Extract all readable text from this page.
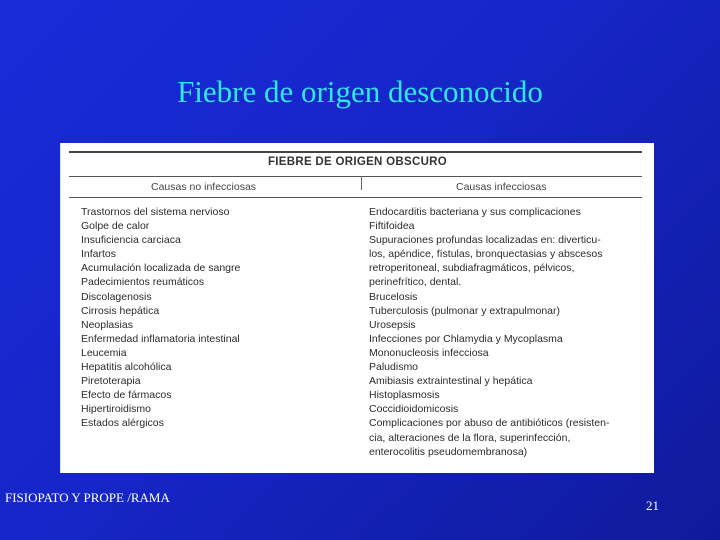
Fiebre de origen desconocido
FIEBRE DE ORIGEN OBSCURO
Causas no infecciosas	Causas infecciosas
Trastornos del sistema nervioso
Golpe de calor
Insuficiencia carciaca
Infartos
Acumulación localizada de sangre
Padecimientos reumáticos
Discolagenosis
Cirrosis hepática
Neoplasias
Enfermedad inflamatoria intestinal
Leucemia
Hepatitis alcohólica
Piretoterapia
Efecto de fármacos
Hipertiroidismo
Estados alérgicos
Endocarditis bacteriana y sus complicaciones
Fiftifoidea
Supuraciones profundas localizadas en: diverticu-
los, apéndice, fístulas, bronquectasias y abscesos
retroperitoneal, subdiafragmáticos, pélvicos,
perinefrítico, dental.
Brucelosis
Tuberculosis (pulmonar y extrapulmonar)
Urosepsis
Infecciones por Chlamydia y Mycoplasma
Mononucleosis infecciosa
Paludismo
Amibiasis extraintestinal y hepática
Histoplasmosis
Coccidioidomicosis
Complicaciones por abuso de antibióticos (resisten-
cia, alteraciones de la flora, superinfección,
enterocolitis pseudomembranosa)
FISIOPATO Y PROPE /RAMA
21
